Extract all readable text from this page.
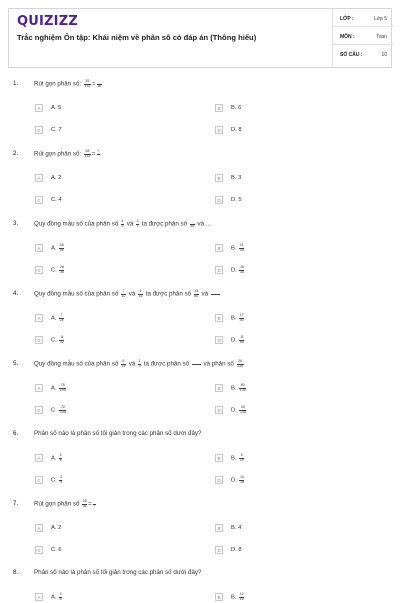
QUIZIZZ
Trắc nghiệm Ôn tập: Khái niệm về phân số có đáp án (Thông hiểu)
LỚP :	Lớp 5
MÔN :	Toán
SỐ CÂU :	10
1.	Rút gọn phân số: $\frac{35}{133}$ =
38
A	A. 5	B	B. 6
C	C. 7	D	D. 8
2.	Rút gọn phân số: $\frac{28}{133}$ = ?

A	A. 2	B	B. 3
C	C. 4	D	D. 5
3.	Quy đồng mẫu số của phân số $\frac{4}{5}$ và $\frac{3}{7}$ ta được phân số
35 và ...
A	A. $\frac{28}{35}$	B	B. $\frac{21}{35}$
C	C. $\frac{28}{35}$	D	D. $\frac{15}{35}$
4.	Quy đồng mẫu số của phân số $\frac{7}{12}$ và $\frac{4}{15}$ ta được phân số $\frac{35}{60}$ và
A	A. $\frac{7}{24}$	B	B. $\frac{17}{30}$
C	C. $\frac{8}{12}$	D	D. $\frac{11}{60}$
5.	Quy đồng mẫu số của phân số $\frac{8}{15}$ và $\frac{1}{9}$ ta được phân số  và phân số $\frac{26}{135}$
A	A. $\frac{78}{135}$	B	B. $\frac{80}{135}$
C	C. $\frac{72}{135}$	D	D. $\frac{40}{135}$
6.	Phân số nào là phân số tối giản trong các phân số dưới đây?
A	A. $\frac{4}{8}$	B	B. $\frac{5}{24}$
C	C. $\frac{3}{9}$	D	D. $\frac{14}{18}$
7.	Rút gọn phân số $\frac{28}{98}$ =
7
A	A. 2	B	B. 4
C	C. 6	D	D. 8
8.	Phân số nào là phân số tối giản trong các phân số dưới đây?
A	A. $\frac{4}{8}$	B	B. $\frac{12}{15}$
